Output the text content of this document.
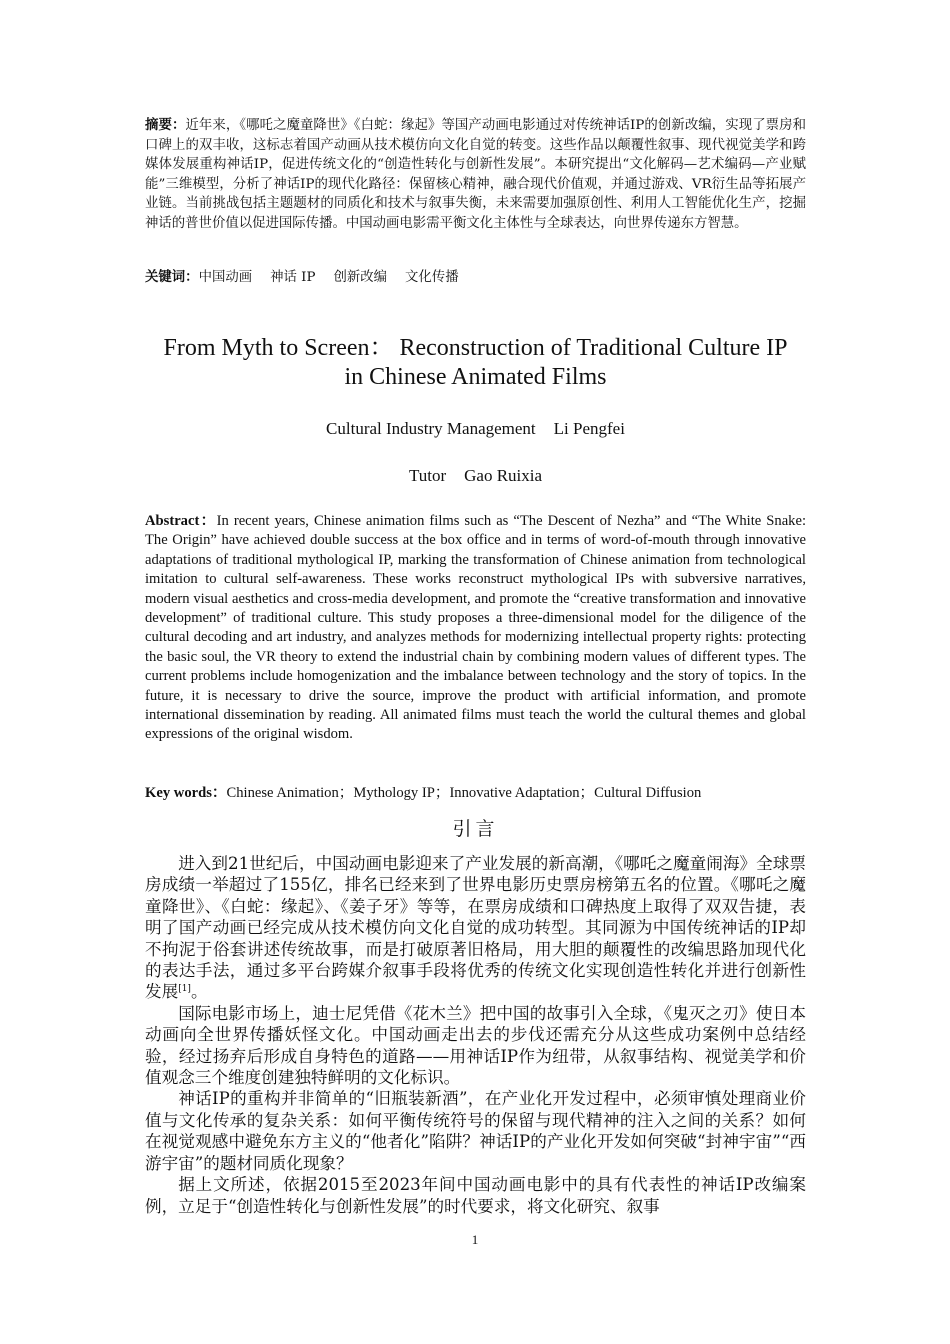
摘要：近年来，《哪吒之魔童降世》《白蛇：缘起》等国产动画电影通过对传统神话IP的创新改编，实现了票房和口碑上的双丰收，这标志着国产动画从技术模仿向文化自觉的转变。这些作品以颠覆性叙事、现代视觉美学和跨媒体发展重构神话IP，促进传统文化的“创造性转化与创新性发展”。本研究提出“文化解码—艺术编码—产业赋能”三维模型，分析了神话IP的现代化路径：保留核心精神，融合现代价值观，并通过游戏、VR衍生品等拓展产业链。当前挑战包括主题题材的同质化和技术与叙事失衡，未来需要加强原创性、利用人工智能优化生产，挖掘神话的普世价值以促进国际传播。中国动画电影需平衡文化主体性与全球表达，向世界传递东方智慧。
关键词：中国动画 神话 IP 创新改编 文化传播
From Myth to Screen： Reconstruction of Traditional Culture IP
in Chinese Animated Films
Cultural Industry Management Li Pengfei
Tutor Gao Ruixia
Abstract：In recent years, Chinese animation films such as “The Descent of Nezha” and “The White Snake: The Origin” have achieved double success at the box office and in terms of word-of-mouth through innovative adaptations of traditional mythological IP, marking the transformation of Chinese animation from technological imitation to cultural self-awareness. These works reconstruct mythological IPs with subversive narratives, modern visual aesthetics and cross-media development, and promote the “creative transformation and innovative development” of traditional culture. This study proposes a three-dimensional model for the diligence of the cultural decoding and art industry, and analyzes methods for modernizing intellectual property rights: protecting the basic soul, the VR theory to extend the industrial chain by combining modern values of different types. The current problems include homogenization and the imbalance between technology and the story of topics. In the future, it is necessary to drive the source, improve the product with artificial information, and promote international dissemination by reading. All animated films must teach the world the cultural themes and global expressions of the original wisdom.
Key words：Chinese Animation；Mythology IP；Innovative Adaptation；Cultural Diffusion
引言

进入到21世纪后，中国动画电影迎来了产业发展的新高潮，《哪吒之魔童闹海》全球票房成绩一举超过了155亿，排名已经来到了世界电影历史票房榜第五名的位置。《哪吒之魔童降世》、《白蛇：缘起》、《姜子牙》等等，在票房成绩和口碑热度上取得了双双告捷，表明了国产动画已经完成从技术模仿向文化自觉的成功转型。其同源为中国传统神话的IP却不拘泥于俗套讲述传统故事，而是打破原著旧格局，用大胆的颠覆性的改编思路加现代化的表达手法，通过多平台跨媒介叙事手段将优秀的传统文化实现创造性转化并进行创新性发展[1]。

国际电影市场上，迪士尼凭借《花木兰》把中国的故事引入全球，《鬼灭之刃》使日本动画向全世界传播妖怪文化。中国动画走出去的步伐还需充分从这些成功案例中总结经验，经过扬弃后形成自身特色的道路——用神话IP作为纽带，从叙事结构、视觉美学和价值观念三个维度创建独特鲜明的文化标识。

神话IP的重构并非简单的“旧瓶装新酒”，在产业化开发过程中，必须审慎处理商业价值与文化传承的复杂关系：如何平衡传统符号的保留与现代精神的注入之间的关系？如何在视觉观感中避免东方主义的“他者化”陷阱？神话IP的产业化开发如何突破“封神宇宙”“西游宇宙”的题材同质化现象？

据上文所述，依据2015至2023年间中国动画电影中的具有代表性的神话IP改编案例，立足于“创造性转化与创新性发展”的时代要求，将文化研究、叙事

1
